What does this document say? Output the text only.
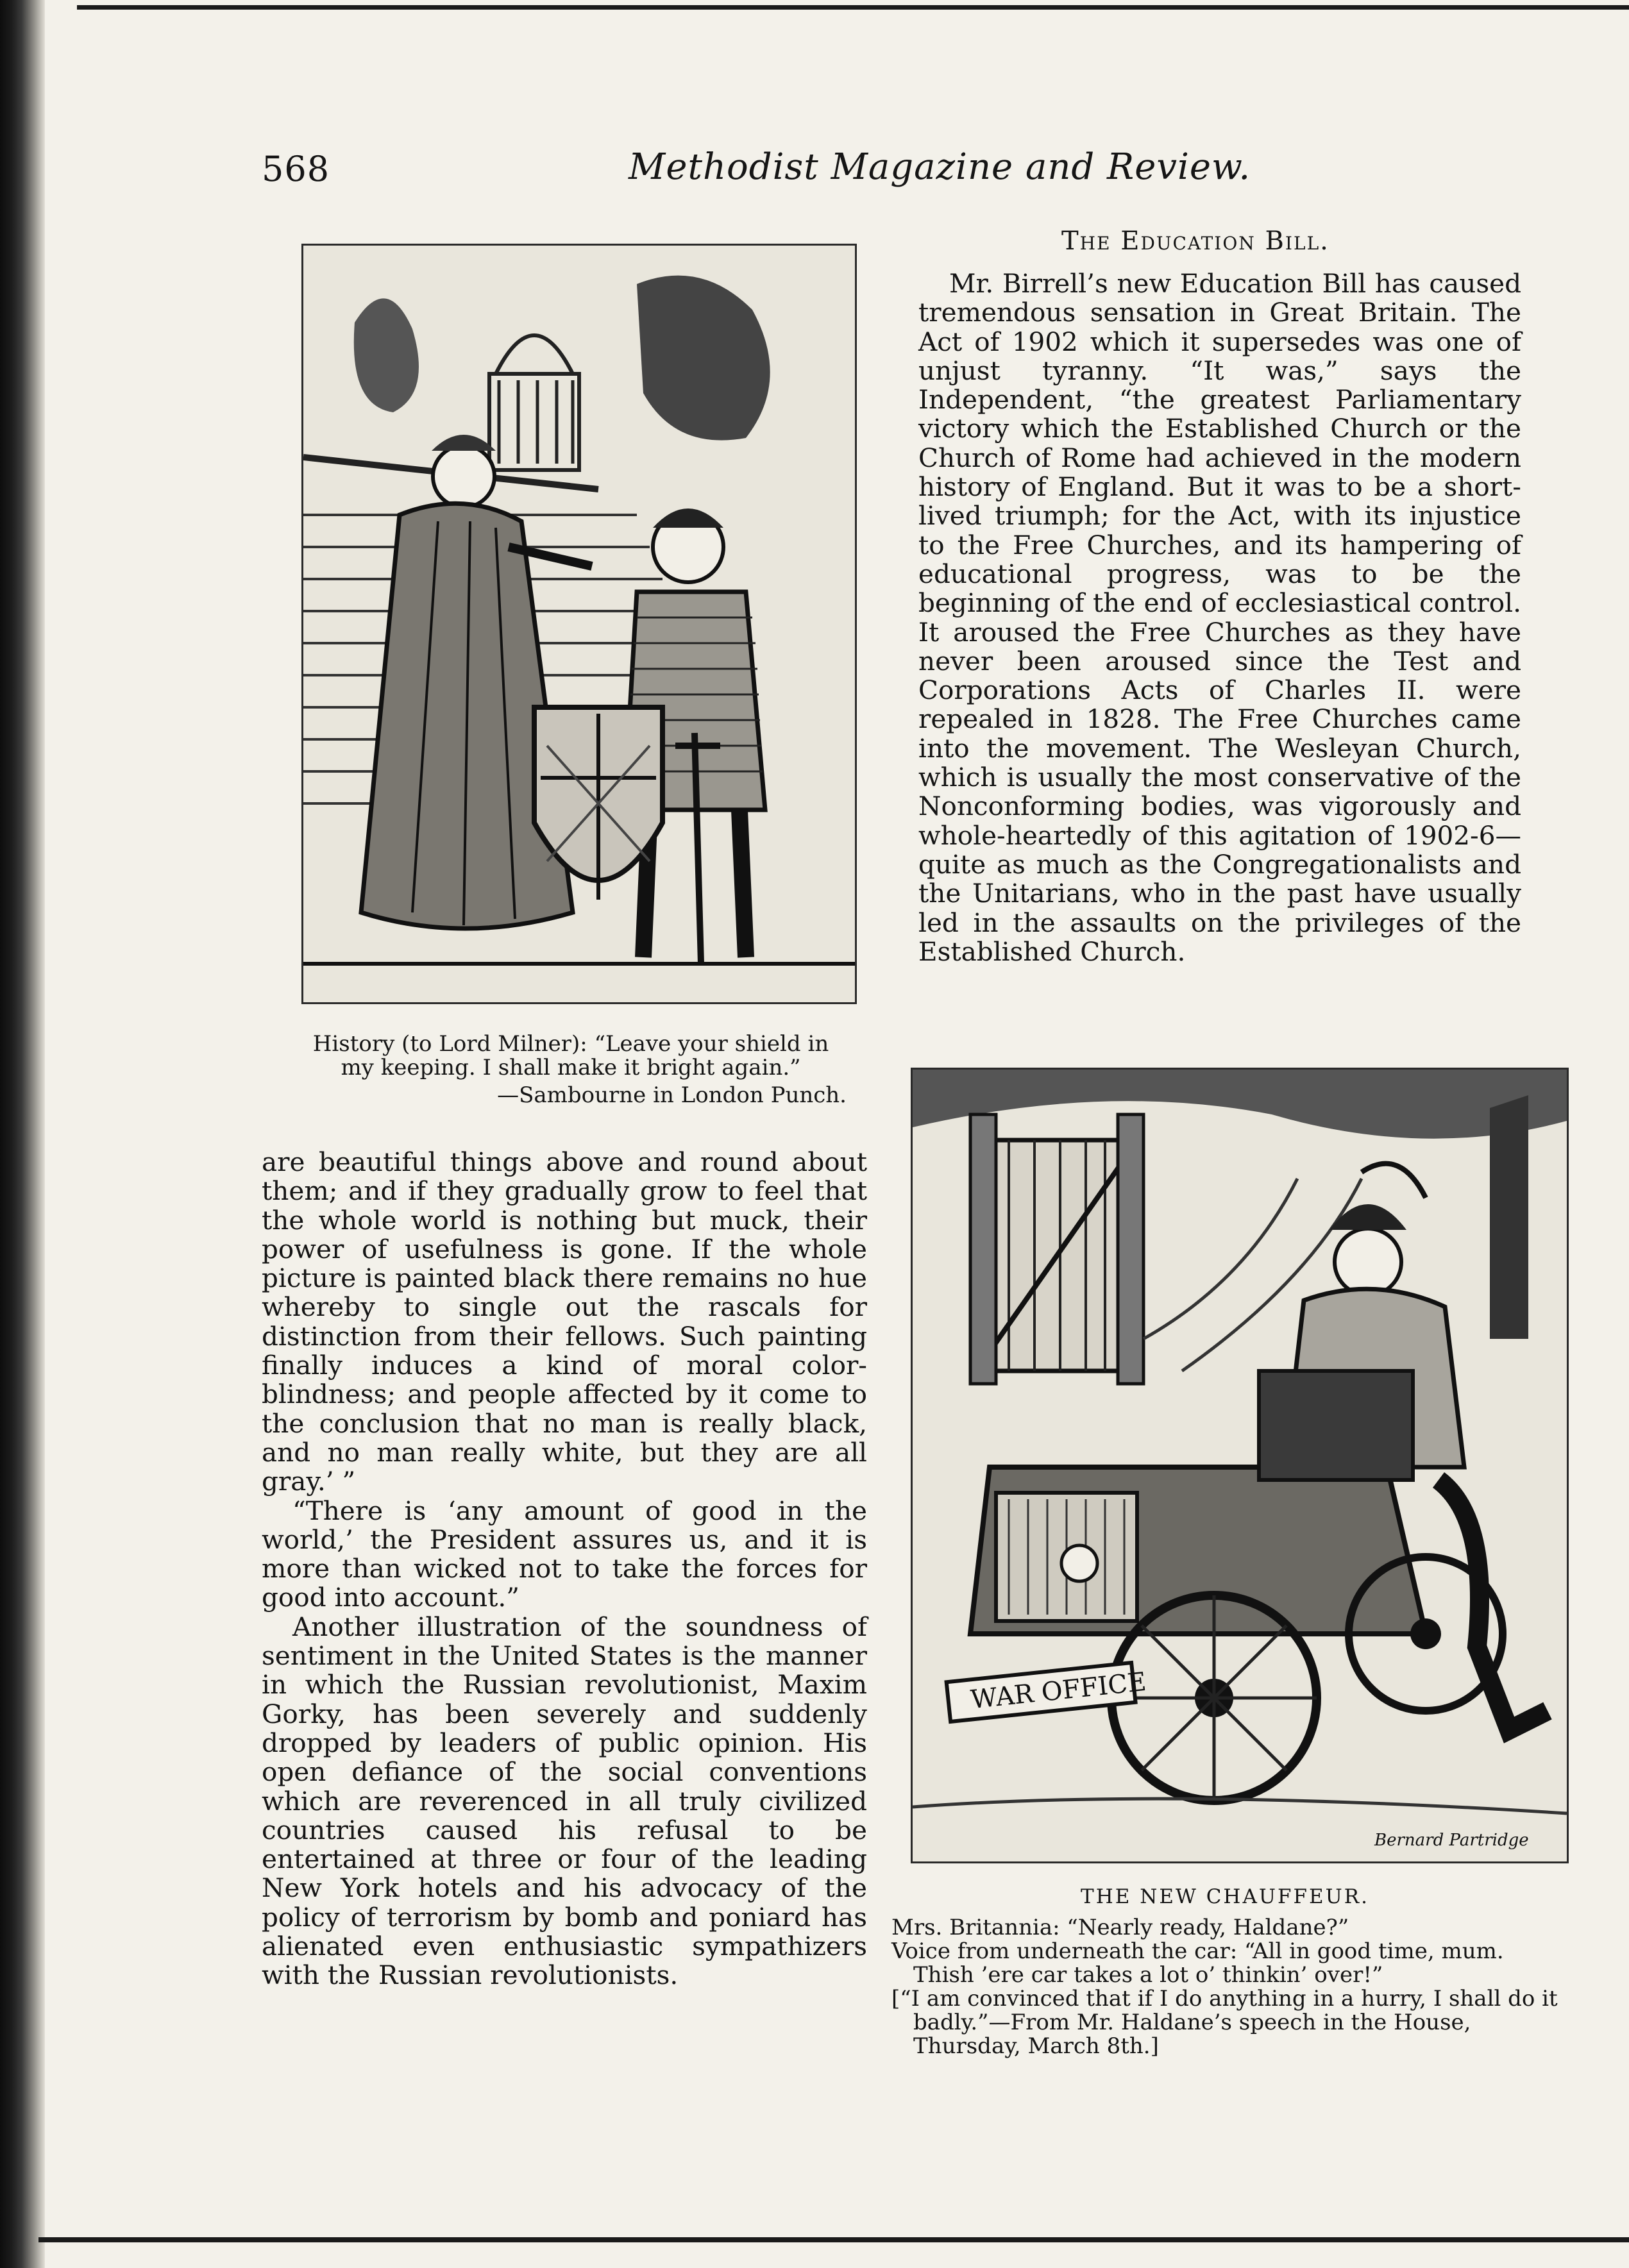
568	Methodist Magazine and Review.
History (to Lord Milner): “Leave your shield in
my keeping. I shall make it bright again.”
—Sambourne in London Punch.
The Education Bill.

Mr. Birrell’s new Education Bill has caused tremendous sensation in Great Britain. The Act of 1902 which it supersedes was one of unjust tyranny. “It was,” says the Independent, “the greatest Parliamentary victory which the Established Church or the Church of Rome had achieved in the modern history of England. But it was to be a short-lived triumph; for the Act, with its injustice to the Free Churches, and its hampering of educational progress, was to be the beginning of the end of ecclesiastical control. It aroused the Free Churches as they have never been aroused since the Test and Corporations Acts of Charles II. were repealed in 1828. The Free Churches came into the movement. The Wesleyan Church, which is usually the most conservative of the Nonconforming bodies, was vigorously and whole-heartedly of this agitation of 1902-6—quite as much as the Congregationalists and the Unitarians, who in the past have usually led in the assaults on the privileges of the Established Church.

are beautiful things above and round about them; and if they gradually grow to feel that the whole world is nothing but muck, their power of usefulness is gone. If the whole picture is painted black there remains no hue whereby to single out the rascals for distinction from their fellows. Such painting finally induces a kind of moral color-blindness; and people affected by it come to the conclusion that no man is really black, and no man really white, but they are all gray.’ ”

“There is ‘any amount of good in the world,’ the President assures us, and it is more than wicked not to take the forces for good into account.”

Another illustration of the soundness of sentiment in the United States is the manner in which the Russian revolutionist, Maxim Gorky, has been severely and suddenly dropped by leaders of public opinion. His open defiance of the social conventions which are reverenced in all truly civilized countries caused his refusal to be entertained at three or four of the leading New York hotels and his advocacy of the policy of terrorism by bomb and poniard has alienated even enthusiastic sympathizers with the Russian revolutionists.

WAR OFFICE
Bernard Partridge
THE NEW CHAUFFEUR.

Mrs. Britannia: “Nearly ready, Haldane?”

Voice from underneath the car: “All in good time, mum. Thish ’ere car takes a lot o’ thinkin’ over!”

[“I am convinced that if I do anything in a hurry, I shall do it badly.”—From Mr. Haldane’s speech in the House, Thursday, March 8th.]
